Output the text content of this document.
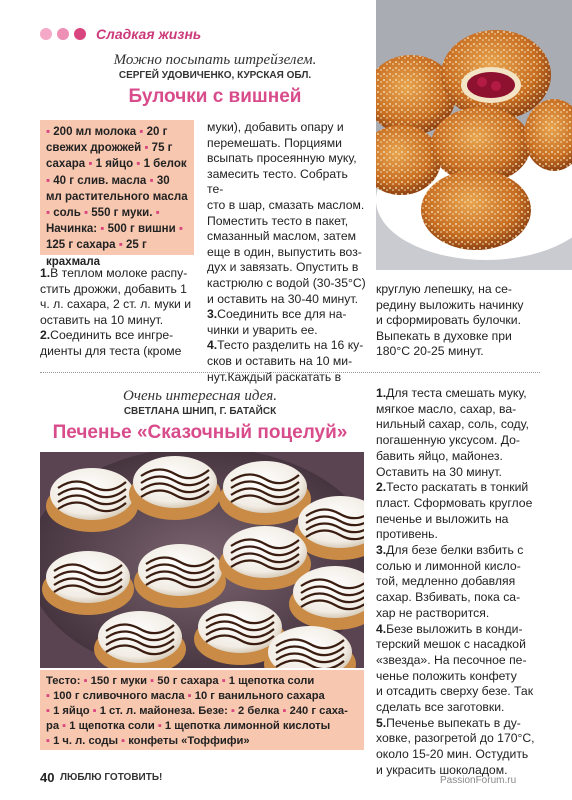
Сладкая жизнь
Можно посыпать штрейзелем.
СЕРГЕЙ УДОВИЧЕНКО, КУРСКАЯ ОБЛ.
Булочки с вишней
▪ 200 мл молока ▪ 20 г свежих дрожжей ▪ 75 г сахара ▪ 1 яйцо ▪ 1 белок ▪ 40 г слив. масла ▪ 30 мл растительного масла ▪ соль ▪ 550 г муки. ▪ Начинка: ▪ 500 г вишни ▪ 125 г сахара ▪ 25 г крахмала

1.В теплом молоке распу-

стить дрожжи, добавить 1

ч. л. сахара, 2 ст. л. муки и

оставить на 10 минут.

2.Соединить все ингре-

диенты для теста (кроме

муки), добавить опару и

перемешать. Порциями

всыпать просеянную муку,

замесить тесто. Собрать те-

сто в шар, смазать маслом.

Поместить тесто в пакет,

смазанный маслом, затем

еще в один, выпустить воз-

дух и завязать. Опустить в

кастрюлю с водой (30-35°С)

и оставить на 30-40 минут.

3.Соединить все для на-

чинки и уварить ее.

4.Тесто разделить на 16 ку-

сков и оставить на 10 ми-

нут.Каждый раскатать в

круглую лепешку, на се-

редину выложить начинку

и сформировать булочки.

Выпекать в духовке при

180°С 20-25 минут.

Очень интересная идея.
СВЕТЛАНА ШНИП, Г. БАТАЙСК
Печенье «Сказочный поцелуй»

1.Для теста смешать муку,

мягкое масло, сахар, ва-

нильный сахар, соль, соду,

погашенную уксусом. До-

бавить яйцо, майонез.

Оставить на 30 минут.

2.Тесто раскатать в тонкий

пласт. Сформовать круглое

печенье и выложить на

противень.

3.Для безе белки взбить с

солью и лимонной кисло-

той, медленно добавляя

сахар. Взбивать, пока са-

хар не растворится.

4.Безе выложить в конди-

терский мешок с насадкой

«звезда». На песочное пе-

ченье положить конфету

и отсадить сверху безе. Так

сделать все заготовки.

5.Печенье выпекать в ду-

ховке, разогретой до 170°С,

около 15-20 мин. Остудить

и украсить шоколадом.

Тесто: ▪ 150 г муки ▪ 50 г сахара ▪ 1 щепотка соли
▪ 100 г сливочного масла ▪ 10 г ванильного сахара
▪ 1 яйцо ▪ 1 ст. л. майонеза. Безе: ▪ 2 белка ▪ 240 г саха-
ра ▪ 1 щепотка соли ▪ 1 щепотка лимонной кислоты
▪ 1 ч. л. соды ▪ конфеты «Тоффифи»
40 ЛЮБЛЮ ГОТОВИТЬ!	PassionForum.ru
